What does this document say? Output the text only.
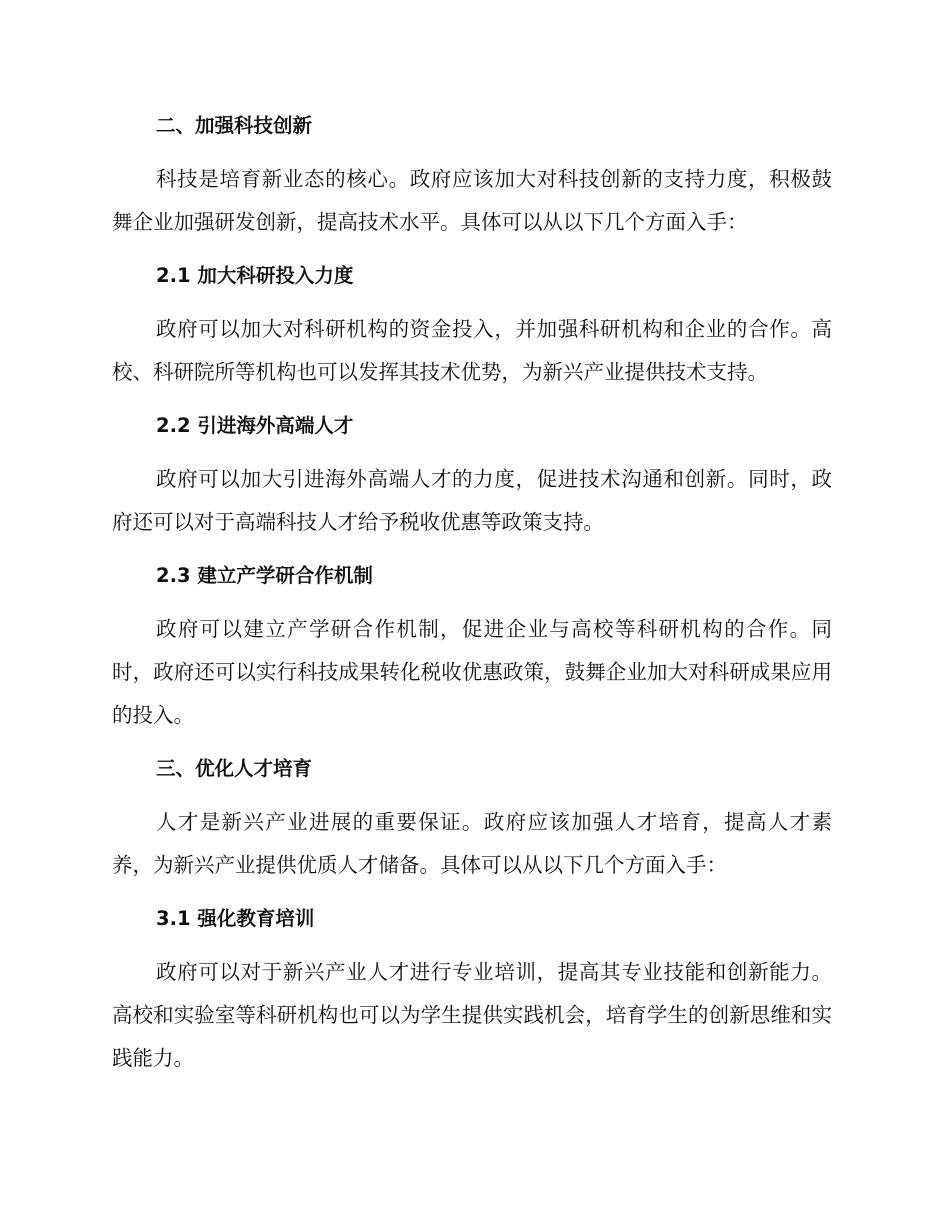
二、加强科技创新

科技是培育新业态的核心。政府应该加大对科技创新的支持力度，积极鼓舞企业加强研发创新，提高技术水平。具体可以从以下几个方面入手：

2.1 加大科研投入力度

政府可以加大对科研机构的资金投入，并加强科研机构和企业的合作。高校、科研院所等机构也可以发挥其技术优势，为新兴产业提供技术支持。

2.2 引进海外高端人才

政府可以加大引进海外高端人才的力度，促进技术沟通和创新。同时，政府还可以对于高端科技人才给予税收优惠等政策支持。

2.3 建立产学研合作机制

政府可以建立产学研合作机制，促进企业与高校等科研机构的合作。同时，政府还可以实行科技成果转化税收优惠政策，鼓舞企业加大对科研成果应用的投入。

三、优化人才培育

人才是新兴产业进展的重要保证。政府应该加强人才培育，提高人才素养，为新兴产业提供优质人才储备。具体可以从以下几个方面入手：

3.1 强化教育培训

政府可以对于新兴产业人才进行专业培训，提高其专业技能和创新能力。高校和实验室等科研机构也可以为学生提供实践机会，培育学生的创新思维和实践能力。
